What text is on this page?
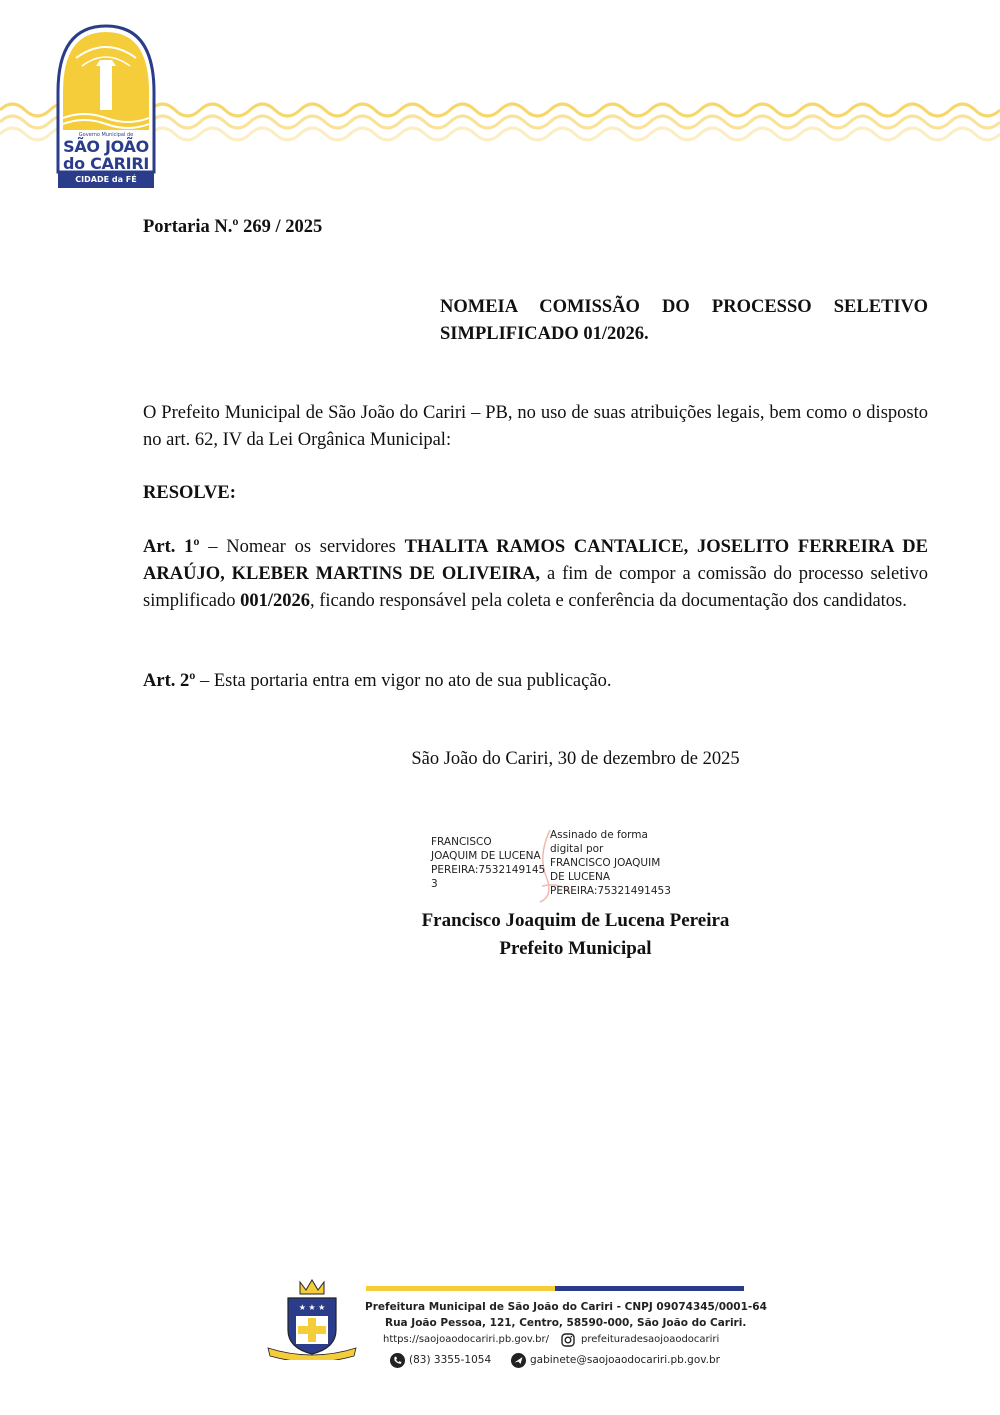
Governo Municipal de
SÃO JOÃO
do CARIRI
CIDADE da FÉ
Portaria N.º 269 / 2025
NOMEIA COMISSÃO DO PROCESSO SELETIVO SIMPLIFICADO 01/2026.
O Prefeito Municipal de São João do Cariri – PB, no uso de suas atribuições legais, bem como o disposto no art. 62, IV da Lei Orgânica Municipal:
RESOLVE:
Art. 1º – Nomear os servidores THALITA RAMOS CANTALICE, JOSELITO FERREIRA DE ARAÚJO, KLEBER MARTINS DE OLIVEIRA, a fim de compor a comissão do processo seletivo simplificado 001/2026, ficando responsável pela coleta e conferência da documentação dos candidatos.
Art. 2º – Esta portaria entra em vigor no ato de sua publicação.
São João do Cariri, 30 de dezembro de 2025
FRANCISCO
JOAQUIM DE LUCENA
PEREIRA:7532149145
3
Assinado de forma
digital por
FRANCISCO JOAQUIM
DE LUCENA
PEREIRA:75321491453
Francisco Joaquim de Lucena Pereira
Prefeito Municipal
★ ★ ★	Prefeitura Municipal de São João do Cariri - CNPJ 09074345/0001-64
Rua João Pessoa, 121, Centro, 58590-000, São João do Cariri.
https://saojoaodocariri.pb.gov.br/	prefeituradesaojoaodocariri
(83) 3355-1054	gabinete@saojoaodocariri.pb.gov.br
